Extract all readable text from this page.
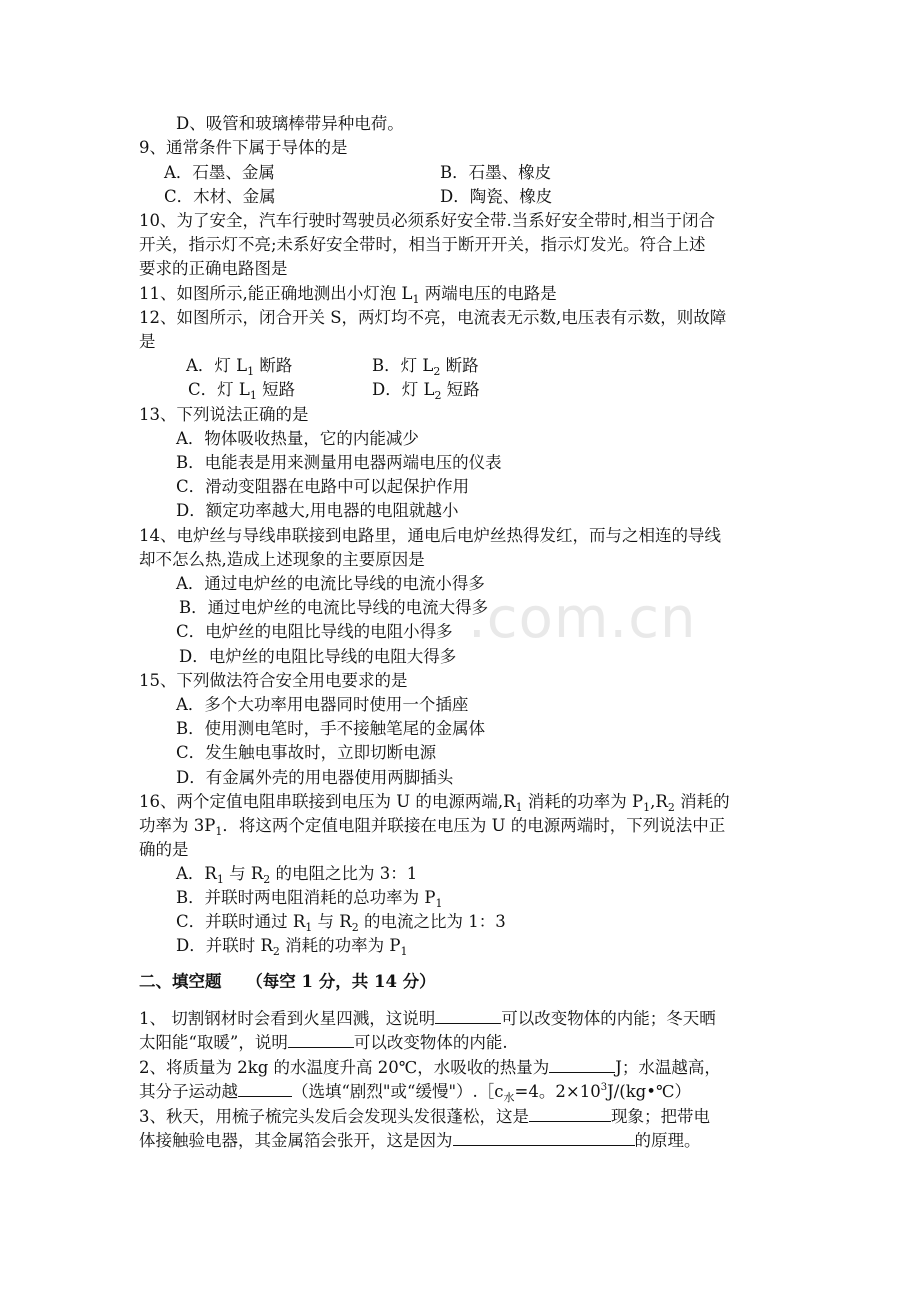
.com.cn
D、吸管和玻璃棒带异种电荷。
9、通常条件下属于导体的是
A．石墨、金属	B．石墨、橡皮
C．木材、金属	D．陶瓷、橡皮
10、为了安全，汽车行驶时驾驶员必须系好安全带.当系好安全带时,相当于闭合
开关，指示灯不亮;未系好安全带时，相当于断开开关，指示灯发光。符合上述
要求的正确电路图是
11、如图所示,能正确地测出小灯泡 $L_1$ 两端电压的电路是
12、如图所示，闭合开关 S，两灯均不亮，电流表无示数,电压表有示数，则故障
是
A．灯 $L_1$ 断路	B．灯 $L_2$ 断路
C．灯 $L_1$ 短路	D．灯 $L_2$ 短路
13、下列说法正确的是
A．物体吸收热量，它的内能减少
B．电能表是用来测量用电器两端电压的仪表
C．滑动变阻器在电路中可以起保护作用
D．额定功率越大,用电器的电阻就越小
14、电炉丝与导线串联接到电路里，通电后电炉丝热得发红，而与之相连的导线
却不怎么热,造成上述现象的主要原因是
A．通过电炉丝的电流比导线的电流小得多
B．通过电炉丝的电流比导线的电流大得多
C．电炉丝的电阻比导线的电阻小得多
D．电炉丝的电阻比导线的电阻大得多
15、下列做法符合安全用电要求的是
A．多个大功率用电器同时使用一个插座
B．使用测电笔时，手不接触笔尾的金属体
C．发生触电事故时，立即切断电源
D．有金属外壳的用电器使用两脚插头
16、两个定值电阻串联接到电压为 U 的电源两端$,R_1$ 消耗的功率为 $P_1,R_2$ 消耗的
功率为 $3P_1$．将这两个定值电阻并联接在电压为 U 的电源两端时，下列说法中正
确的是
A．$R_1$ 与 $R_2$ 的电阻之比为 3：1
B．并联时两电阻消耗的总功率为 $P_1$
C．并联时通过 $R_1$ 与 $R_2$ 的电流之比为 1：3
D．并联时 $R_2$ 消耗的功率为 $P_1$
二、填空题　　（每空 1 分，共 14 分）
1、 切割钢材时会看到火星四溅，这说明	可以改变物体的内能；冬天晒
太阳能“取暖”，说明	可以改变物体的内能.
2、将质量为 2kg 的水温度升高 20℃，水吸收的热量为	J；水温越高，
其分子运动越	（选填“剧烈"或“缓慢"）$.[c_水=4$。$2\times 10^3J/(kg•℃)$
3、秋天，用梳子梳完头发后会发现头发很蓬松，这是	现象；把带电
体接触验电器，其金属箔会张开，这是因为	的原理。
